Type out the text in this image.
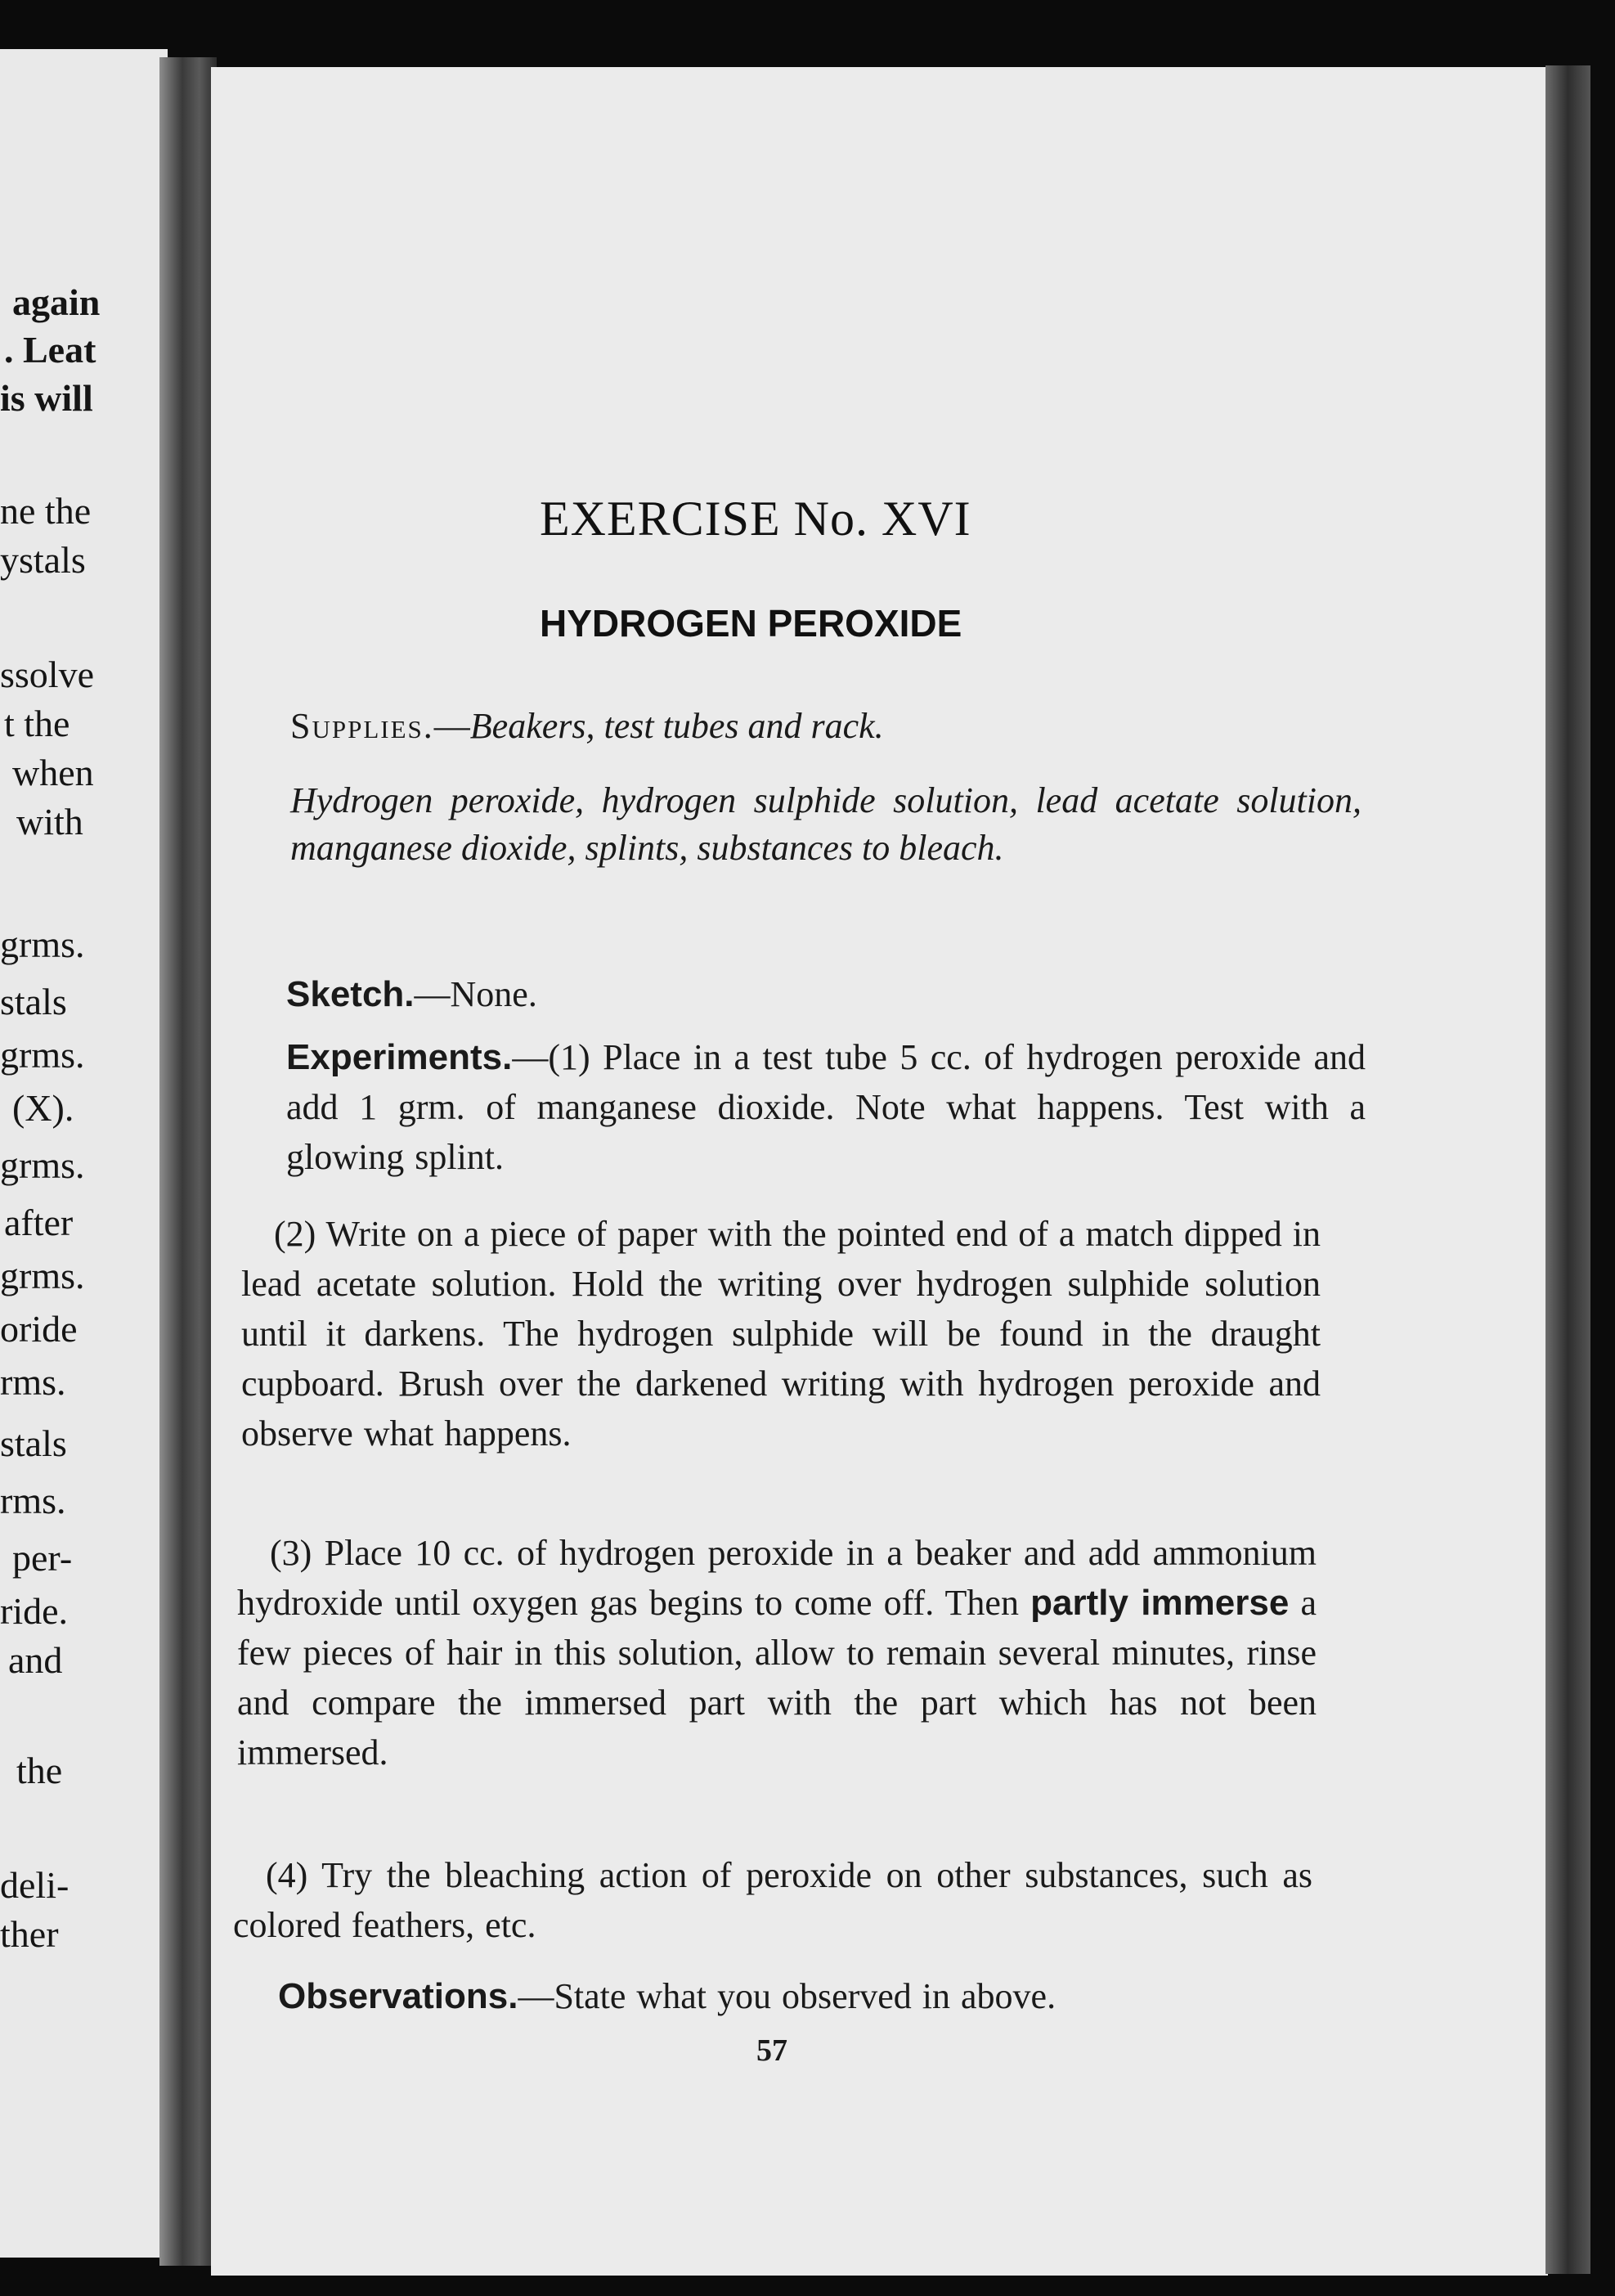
again
. Leat
is will
ne the
ystals
ssolve
t the
when
with
grms.
stals
grms.
(X).
grms.
after
grms.
oride
rms.
stals
rms.
per-
ride.
and
the
deli-
ther
EXERCISE No. XVI
HYDROGEN PEROXIDE
Supplies.—Beakers, test tubes and rack.
Hydrogen peroxide, hydrogen sulphide solution, lead acetate solution, manganese dioxide, splints, substances to bleach.
Sketch.—None.
Experiments.—(1) Place in a test tube 5 cc. of hydrogen peroxide and add 1 grm. of manganese dioxide. Note what happens. Test with a glowing splint.
(2) Write on a piece of paper with the pointed end of a match dipped in lead acetate solution. Hold the writing over hydrogen sulphide solution until it darkens. The hydrogen sulphide will be found in the draught cupboard. Brush over the darkened writing with hydrogen peroxide and observe what happens.
(3) Place 10 cc. of hydrogen peroxide in a beaker and add ammonium hydroxide until oxygen gas begins to come off. Then partly immerse a few pieces of hair in this solution, allow to remain several minutes, rinse and compare the immersed part with the part which has not been immersed.
(4) Try the bleaching action of peroxide on other substances, such as colored feathers, etc.
Observations.—State what you observed in above.
57
